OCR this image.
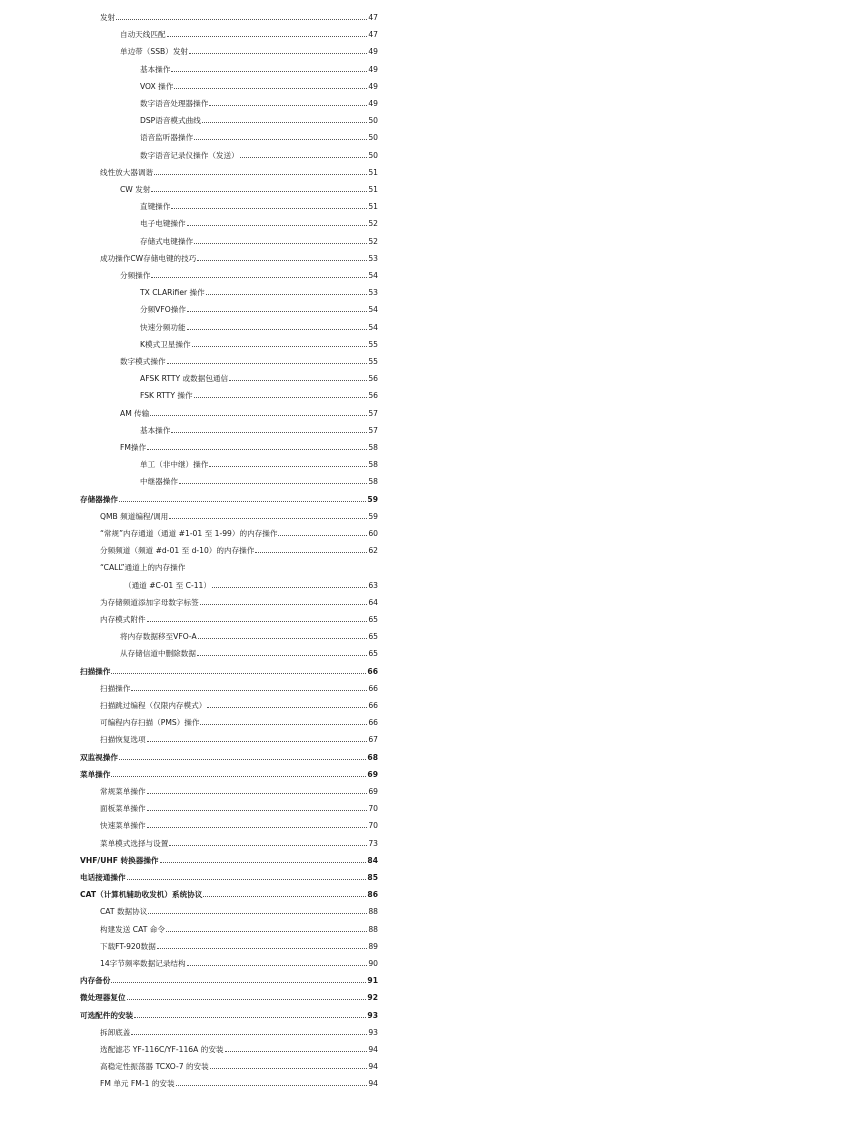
发射	47
自动天线匹配	47
单边带（SSB）发射	49
基本操作	49
VOX 操作	49
数字语音处理器操作	49
DSP语音模式曲线	50
语音监听器操作	50
数字语音记录仪操作（发送）	50
线性放大器调谐	51
CW 发射	51
直键操作	51
电子电键操作	52
存储式电键操作	52
成功操作CW存储电键的技巧	53
分频操作	54
TX CLARifier 操作	53
分频VFO操作	54
快速分频功能	54
K模式卫星操作	55
数字模式操作	55
AFSK RTTY 或数据包通信	56
FSK RTTY 操作	56
AM 传输	57
基本操作	57
FM操作	58
单工（非中继）操作	58
中继器操作	58
存储器操作	59
QMB 频道编程/调用	59
“常规”内存通道（通道 #1-01 至 1-99）的内存操作	60
分频频道（频道 #d-01 至 d-10）的内存操作	62
“CALL”通道上的内存操作
（通道 #C-01 至 C-11）	63
为存储频道添加字母数字标签	64
内存模式附件	65
将内存数据移至VFO-A	65
从存储信道中删除数据	65
扫描操作	66
扫描操作	66
扫描跳过编程（仅限内存模式）	66
可编程内存扫描（PMS）操作	66
扫描恢复选项	67
双监视操作	68
菜单操作	69
常规菜单操作	69
面板菜单操作	70
快速菜单操作	70
菜单模式选择与设置	73
VHF/UHF 转换器操作	84
电话接通操作	85
CAT（计算机辅助收发机）系统协议	86
CAT 数据协议	88
构建发送 CAT 命令	88
下载FT-920数据	89
14字节频率数据记录结构	90
内存备份	91
微处理器复位	92
可选配件的安装	93
拆卸底盖	93
选配滤芯 YF-116C/YF-116A 的安装	94
高稳定性振荡器 TCXO-7 的安装	94
FM 单元 FM-1 的安装	94
